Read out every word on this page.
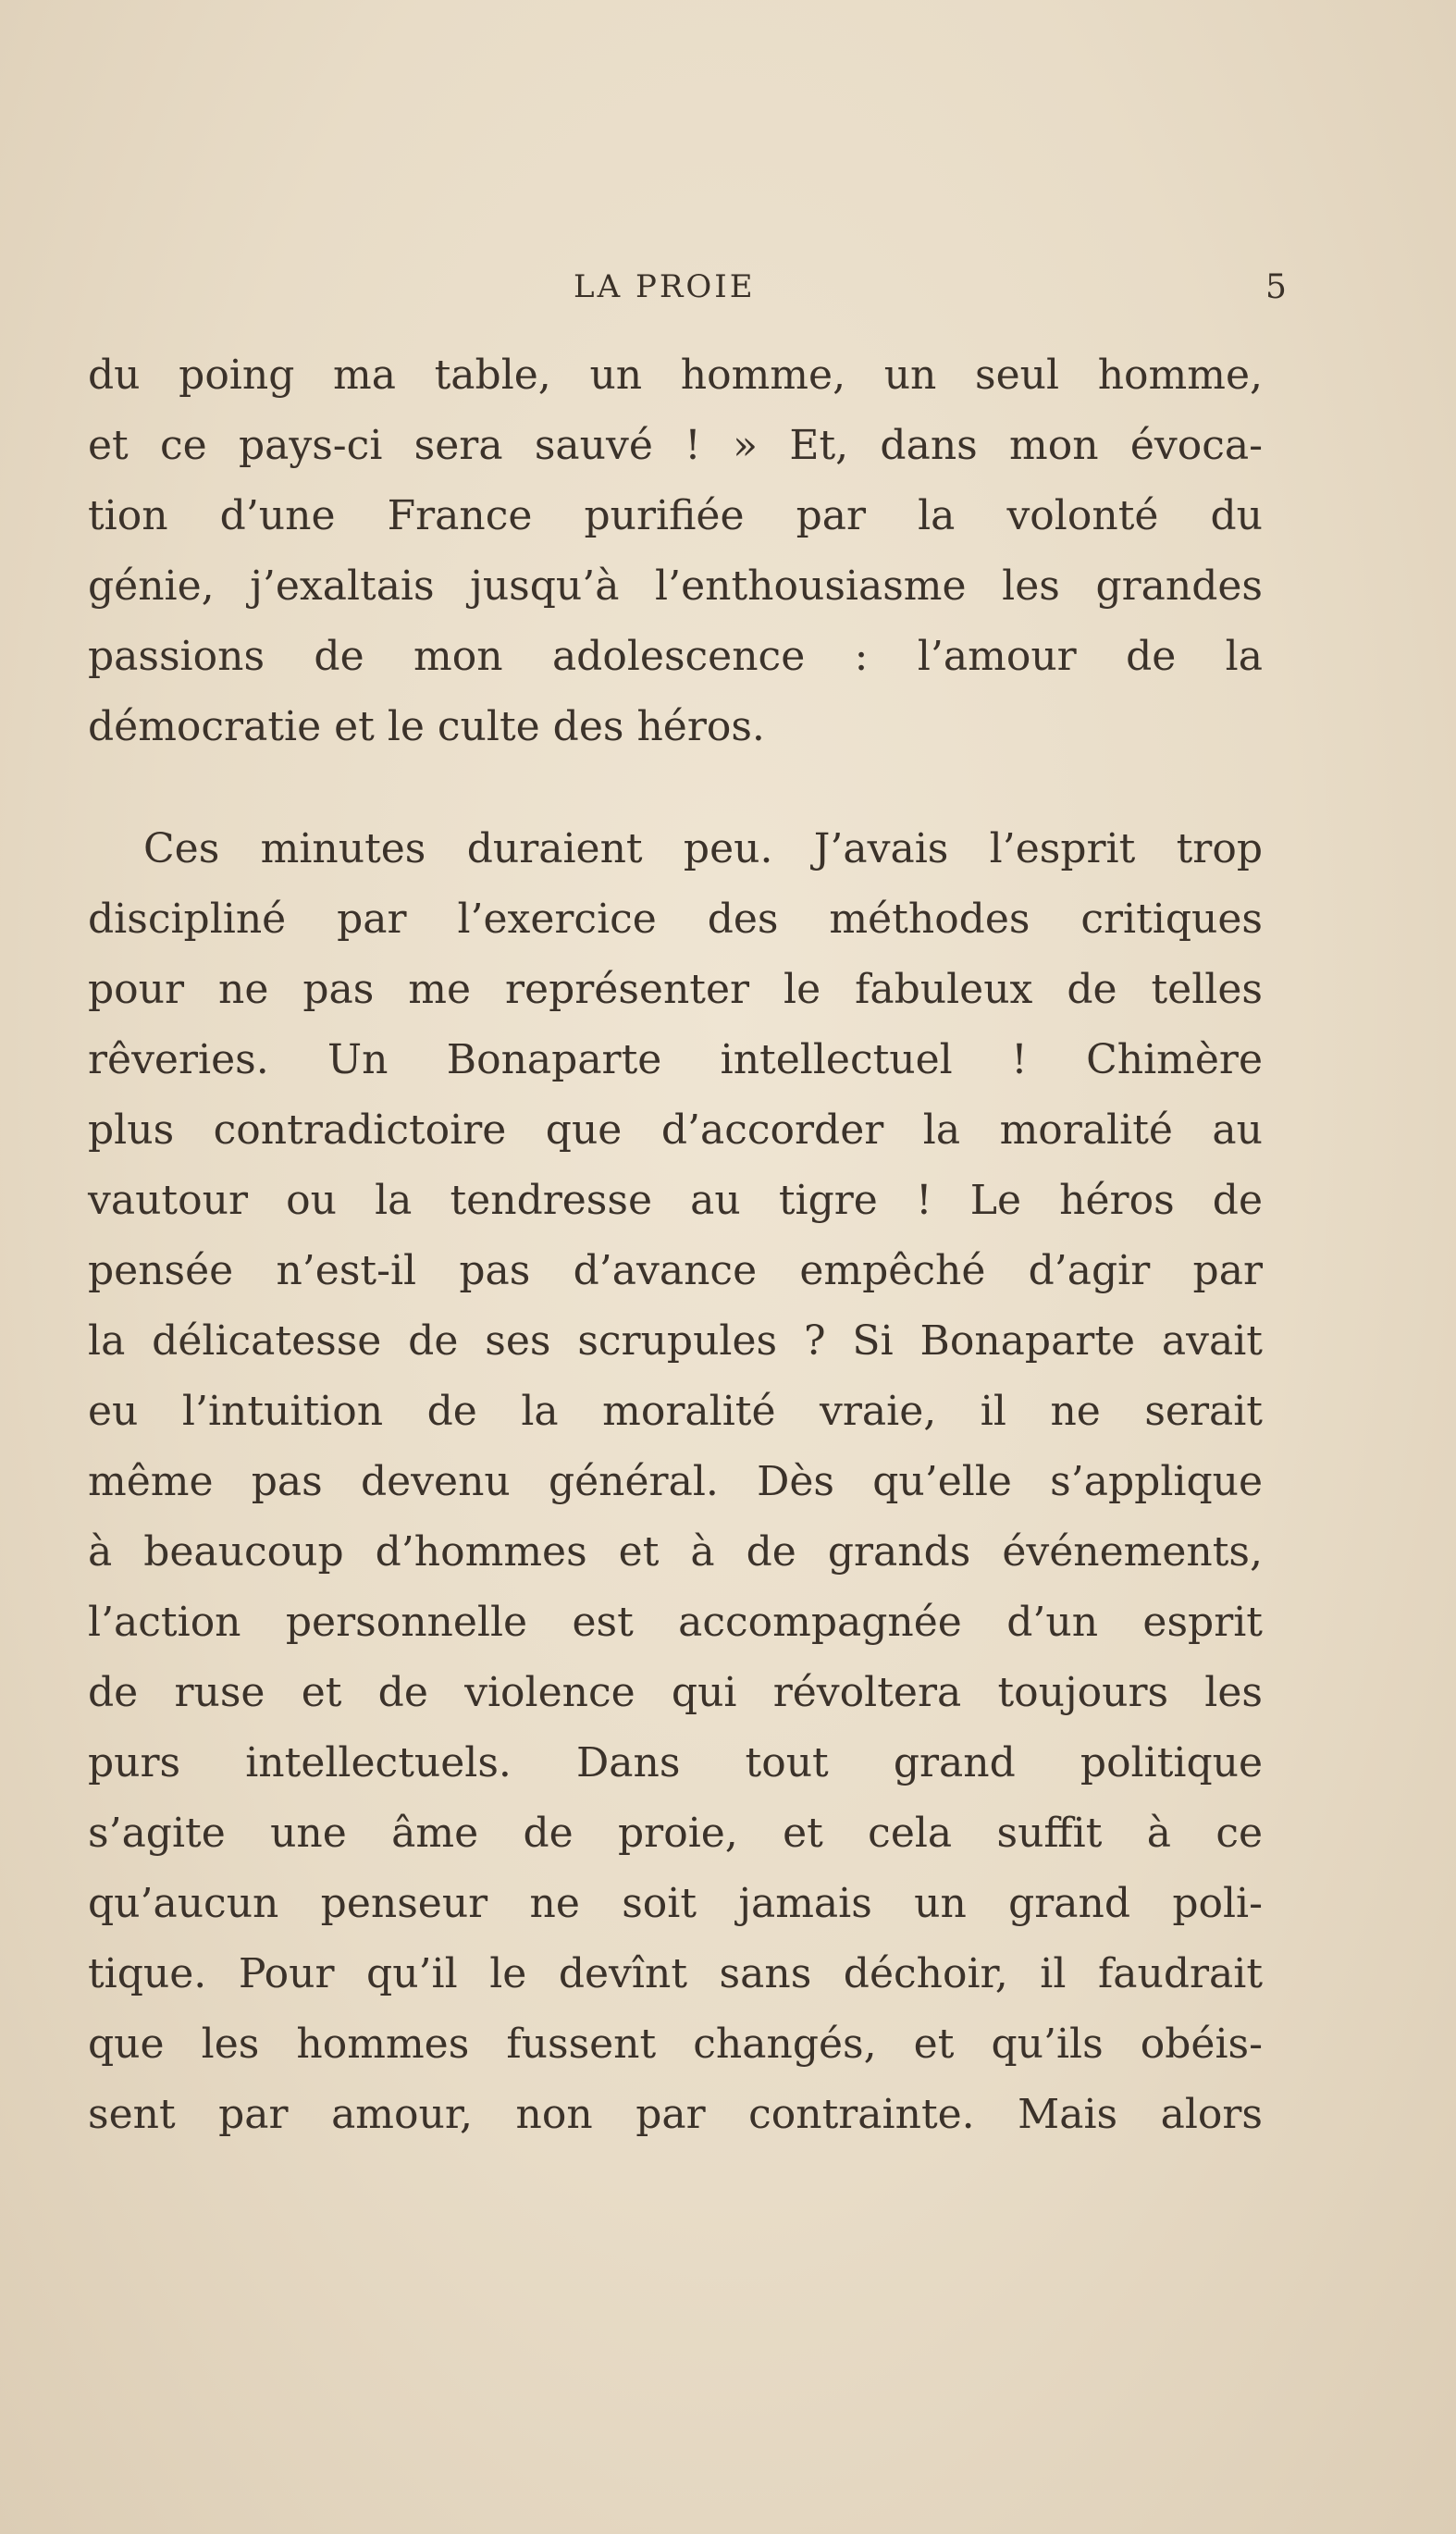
LA PROIE	5
du poing ma table, un homme, un seul homme,
et ce pays-ci sera sauvé ! » Et, dans mon évoca-
tion d’une France purifiée par la volonté du
génie, j’exaltais jusqu’à l’enthousiasme les grandes
passions de mon adolescence : l’amour de la
démocratie et le culte des héros.
Ces minutes duraient peu. J’avais l’esprit trop
discipliné par l’exercice des méthodes critiques
pour ne pas me représenter le fabuleux de telles
rêveries. Un Bonaparte intellectuel ! Chimère
plus contradictoire que d’accorder la moralité au
vautour ou la tendresse au tigre ! Le héros de
pensée n’est-il pas d’avance empêché d’agir par
la délicatesse de ses scrupules ? Si Bonaparte avait
eu l’intuition de la moralité vraie, il ne serait
même pas devenu général. Dès qu’elle s’applique
à beaucoup d’hommes et à de grands événements,
l’action personnelle est accompagnée d’un esprit
de ruse et de violence qui révoltera toujours les
purs intellectuels. Dans tout grand politique
s’agite une âme de proie, et cela suffit à ce
qu’aucun penseur ne soit jamais un grand poli-
tique. Pour qu’il le devînt sans déchoir, il faudrait
que les hommes fussent changés, et qu’ils obéis-
sent par amour, non par contrainte. Mais alors
